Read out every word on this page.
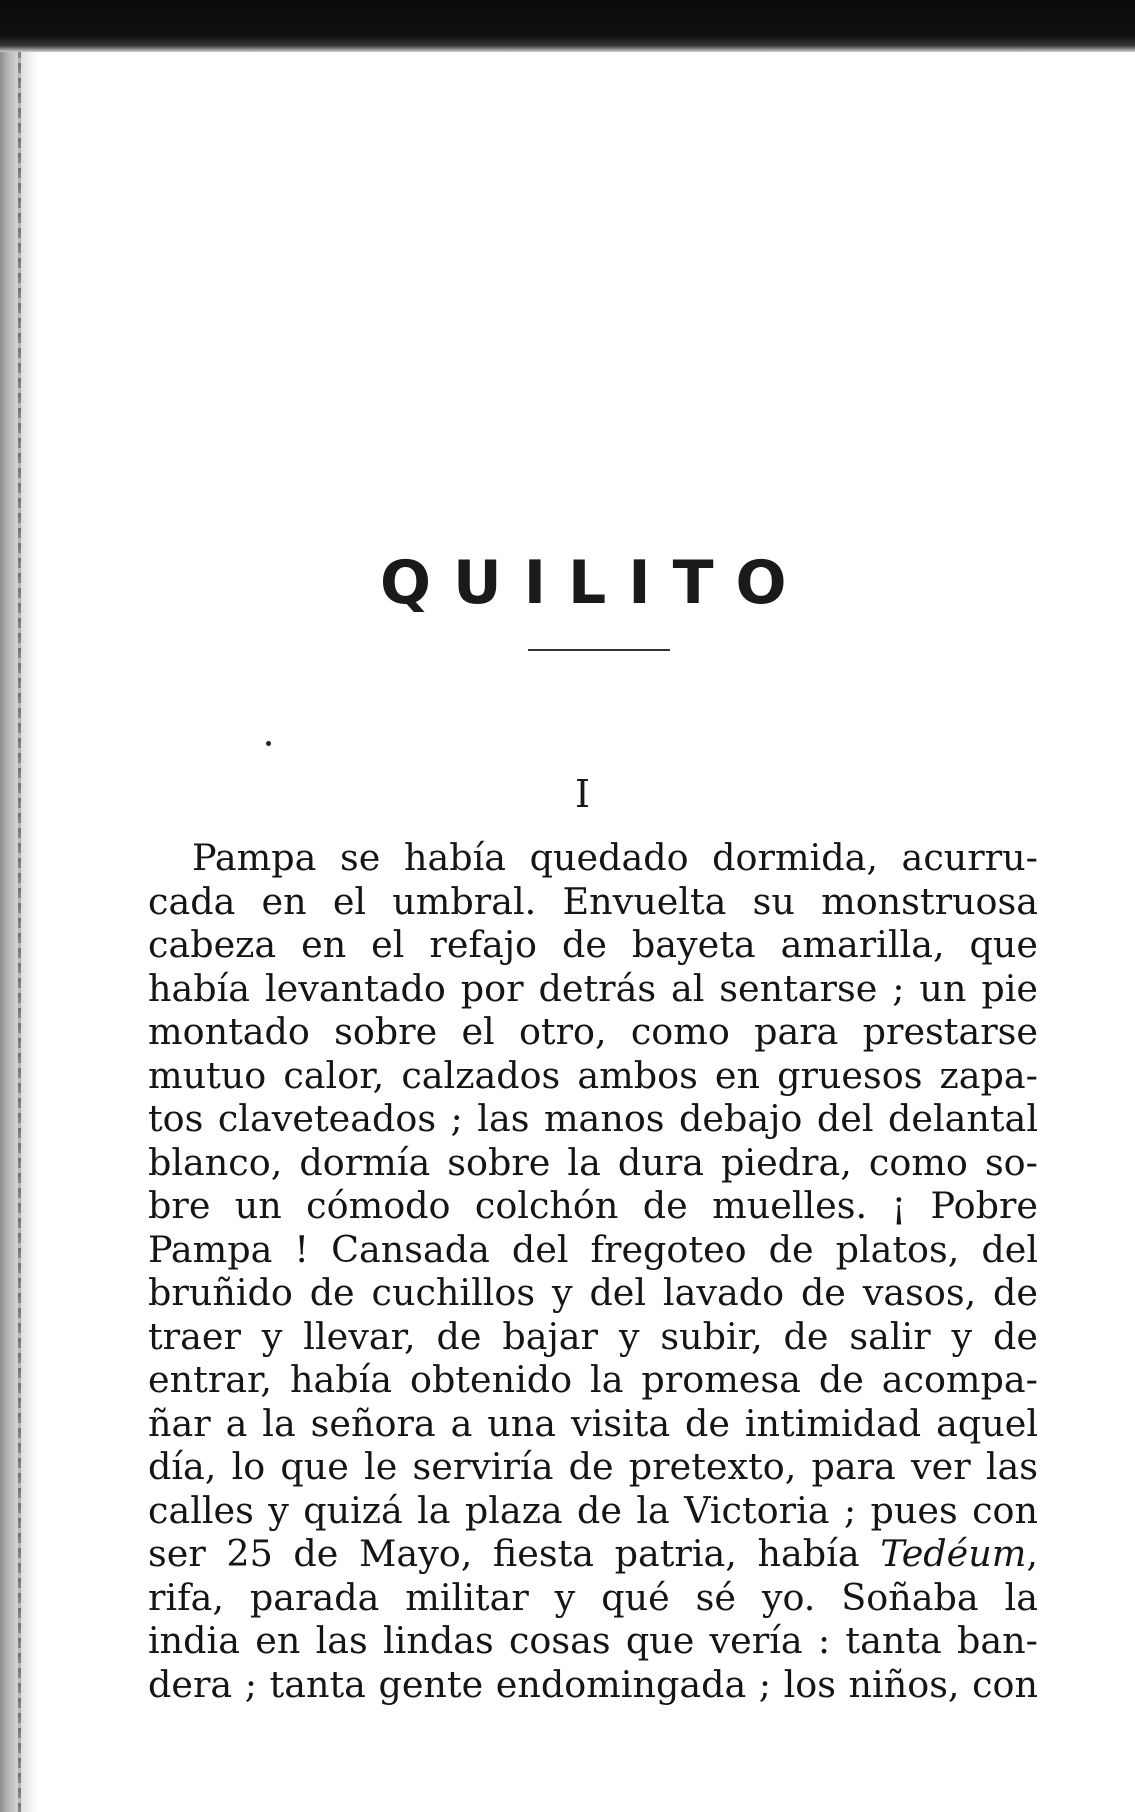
QUILITO
I
Pampa se había quedado dormida, acurru-
cada en el umbral. Envuelta su monstruosa
cabeza en el refajo de bayeta amarilla, que
había levantado por detrás al sentarse ; un pie
montado sobre el otro, como para prestarse
mutuo calor, calzados ambos en gruesos zapa-
tos claveteados ; las manos debajo del delantal
blanco, dormía sobre la dura piedra, como so-
bre un cómodo colchón de muelles. ¡ Pobre
Pampa ! Cansada del fregoteo de platos, del
bruñido de cuchillos y del lavado de vasos, de
traer y llevar, de bajar y subir, de salir y de
entrar, había obtenido la promesa de acompa-
ñar a la señora a una visita de intimidad aquel
día, lo que le serviría de pretexto, para ver las
calles y quizá la plaza de la Victoria ; pues con
ser 25 de Mayo, fiesta patria, había Tedéum,
rifa, parada militar y qué sé yo. Soñaba la
india en las lindas cosas que vería : tanta ban-
dera ; tanta gente endomingada ; los niños, con
